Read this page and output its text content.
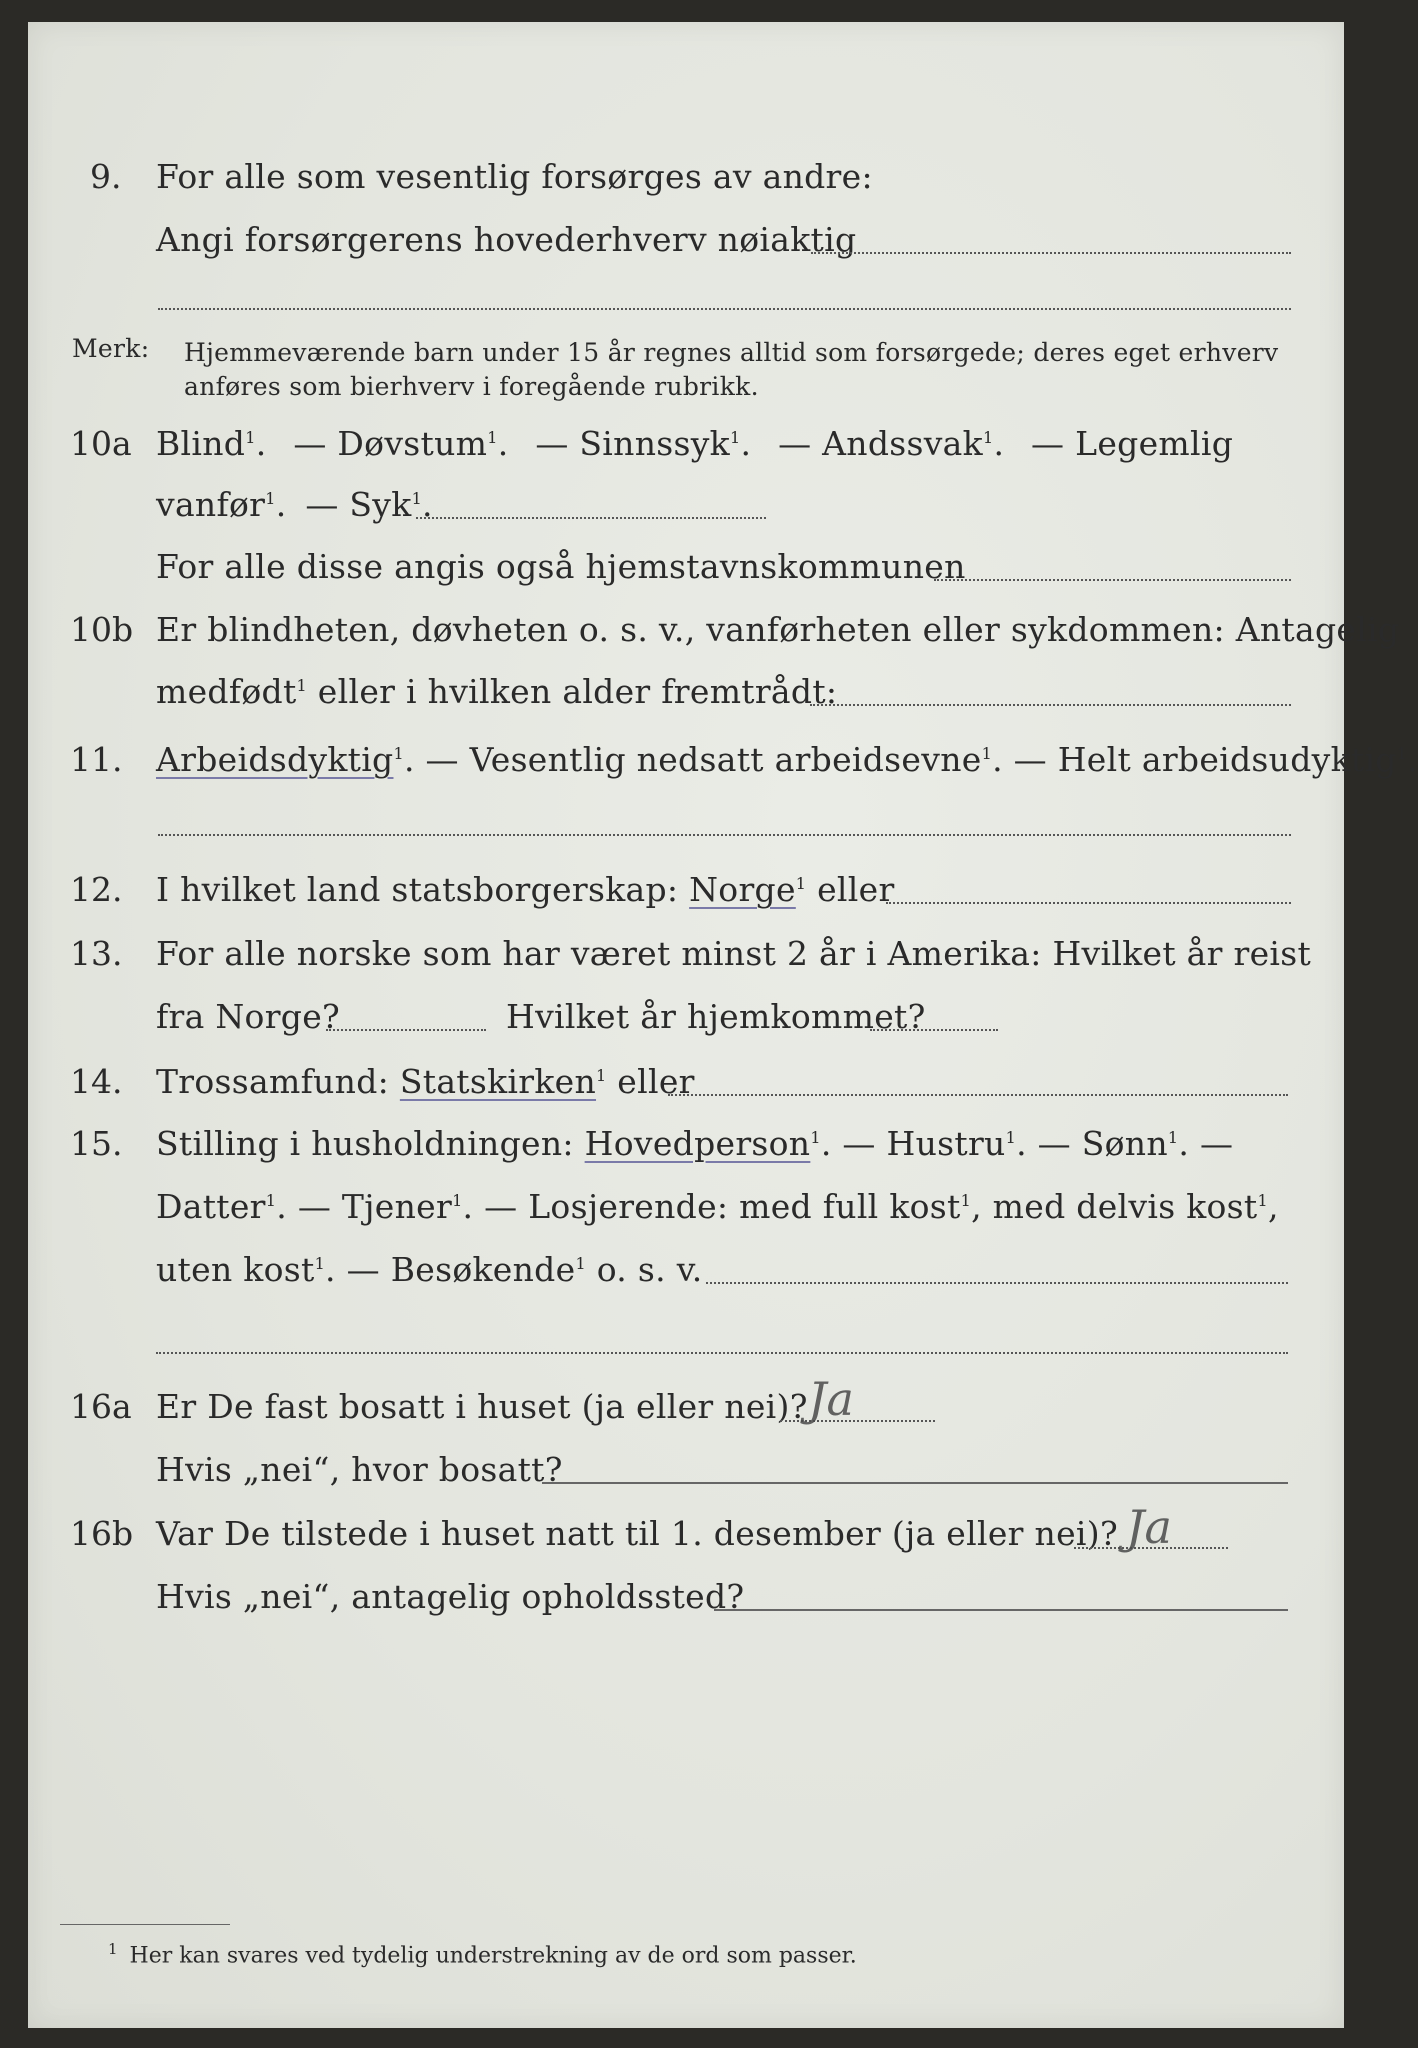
9. For alle som vesentlig forsørges av andre:
Angi forsørgerens hovederhverv nøiaktig
Merk: Hjemmeværende barn under 15 år regnes alltid som forsørgede; deres eget erhverv
anføres som bierhverv i foregående rubrikk.
10a Blind$^1$. — Døvstum$^1$. — Sinnssyk$^1$. — Andssvak$^1$. — Legemlig
vanfør$^1$. — Syk$^1$.
For alle disse angis også hjemstavnskommunen
10b Er blindheten, døvheten o. s. v., vanførheten eller sykdommen: Antagelig
medfødt$^1$ eller i hvilken alder fremtrådt:
11. Arbeidsdyktig$^1$. — Vesentlig nedsatt arbeidsevne$^1$. — Helt arbeidsudyktig$^1$.
12. I hvilket land statsborgerskap: Norge$^1$ eller
13. For alle norske som har været minst 2 år i Amerika: Hvilket år reist
fra Norge?	Hvilket år hjemkommet?
14. Trossamfund: Statskirken$^1$ eller
15. Stilling i husholdningen: Hovedperson$^1$. — Hustru$^1$. — Sønn$^1$. —
Datter$^1$. — Tjener$^1$. — Losjerende: med full kost$^1$, med delvis kost$^1$,
uten kost$^1$. — Besøkende$^1$ o. s. v.
16a Er De fast bosatt i huset (ja eller nei)? Ja
Hvis „nei“, hvor bosatt?
16b Var De tilstede i huset natt til 1. desember (ja eller nei)? Ja
Hvis „nei“, antagelig opholdssted?
$^1$ Her kan svares ved tydelig understrekning av de ord som passer.
